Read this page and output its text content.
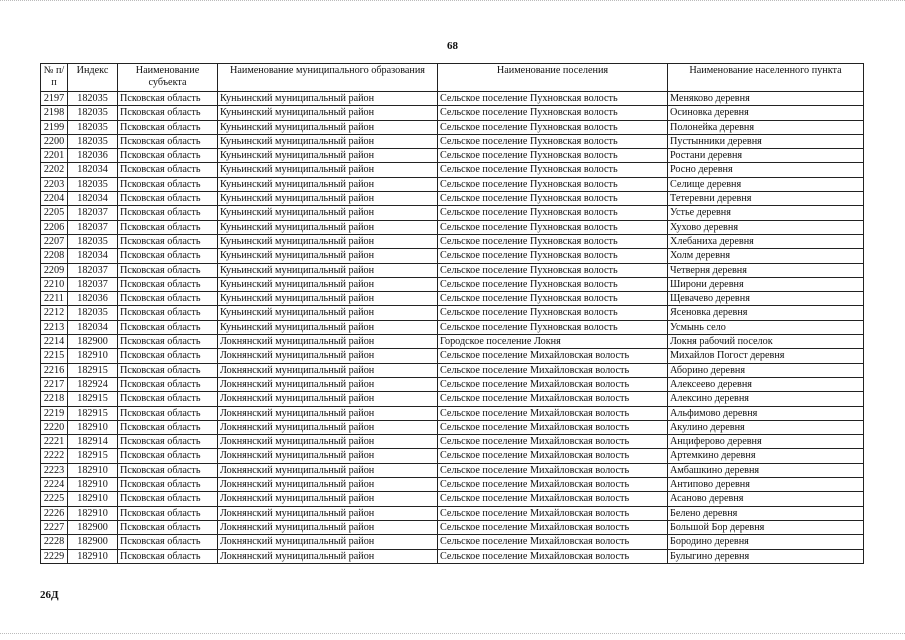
68
№ п/п	Индекс	Наименование субъекта	Наименование муниципального образования	Наименование поселения	Наименование населенного пункта
2197	182035	Псковская область	Куньинский муниципальный район	Сельское поселение Пухновская волость	Меняково деревня
2198	182035	Псковская область	Куньинский муниципальный район	Сельское поселение Пухновская волость	Осиновка деревня
2199	182035	Псковская область	Куньинский муниципальный район	Сельское поселение Пухновская волость	Полонейка деревня
2200	182035	Псковская область	Куньинский муниципальный район	Сельское поселение Пухновская волость	Пустынники деревня
2201	182036	Псковская область	Куньинский муниципальный район	Сельское поселение Пухновская волость	Ростани деревня
2202	182034	Псковская область	Куньинский муниципальный район	Сельское поселение Пухновская волость	Росно деревня
2203	182035	Псковская область	Куньинский муниципальный район	Сельское поселение Пухновская волость	Селище деревня
2204	182034	Псковская область	Куньинский муниципальный район	Сельское поселение Пухновская волость	Тетеревни деревня
2205	182037	Псковская область	Куньинский муниципальный район	Сельское поселение Пухновская волость	Устье деревня
2206	182037	Псковская область	Куньинский муниципальный район	Сельское поселение Пухновская волость	Хухово деревня
2207	182035	Псковская область	Куньинский муниципальный район	Сельское поселение Пухновская волость	Хлебаниха деревня
2208	182034	Псковская область	Куньинский муниципальный район	Сельское поселение Пухновская волость	Холм деревня
2209	182037	Псковская область	Куньинский муниципальный район	Сельское поселение Пухновская волость	Четверня деревня
2210	182037	Псковская область	Куньинский муниципальный район	Сельское поселение Пухновская волость	Широни деревня
2211	182036	Псковская область	Куньинский муниципальный район	Сельское поселение Пухновская волость	Щевачево деревня
2212	182035	Псковская область	Куньинский муниципальный район	Сельское поселение Пухновская волость	Ясеновка деревня
2213	182034	Псковская область	Куньинский муниципальный район	Сельское поселение Пухновская волость	Усмынь село
2214	182900	Псковская область	Локнянский муниципальный район	Городское поселение Локня	Локня рабочий поселок
2215	182910	Псковская область	Локнянский муниципальный район	Сельское поселение Михайловская волость	Михайлов Погост деревня
2216	182915	Псковская область	Локнянский муниципальный район	Сельское поселение Михайловская волость	Аборино деревня
2217	182924	Псковская область	Локнянский муниципальный район	Сельское поселение Михайловская волость	Алексеево деревня
2218	182915	Псковская область	Локнянский муниципальный район	Сельское поселение Михайловская волость	Алексино деревня
2219	182915	Псковская область	Локнянский муниципальный район	Сельское поселение Михайловская волость	Альфимово деревня
2220	182910	Псковская область	Локнянский муниципальный район	Сельское поселение Михайловская волость	Акулино деревня
2221	182914	Псковская область	Локнянский муниципальный район	Сельское поселение Михайловская волость	Анциферово деревня
2222	182915	Псковская область	Локнянский муниципальный район	Сельское поселение Михайловская волость	Артемкино деревня
2223	182910	Псковская область	Локнянский муниципальный район	Сельское поселение Михайловская волость	Амбашкино деревня
2224	182910	Псковская область	Локнянский муниципальный район	Сельское поселение Михайловская волость	Антипово деревня
2225	182910	Псковская область	Локнянский муниципальный район	Сельское поселение Михайловская волость	Асаново деревня
2226	182910	Псковская область	Локнянский муниципальный район	Сельское поселение Михайловская волость	Белено деревня
2227	182900	Псковская область	Локнянский муниципальный район	Сельское поселение Михайловская волость	Большой Бор деревня
2228	182900	Псковская область	Локнянский муниципальный район	Сельское поселение Михайловская волость	Бородино деревня
2229	182910	Псковская область	Локнянский муниципальный район	Сельское поселение Михайловская волость	Булыгино деревня
26Д
